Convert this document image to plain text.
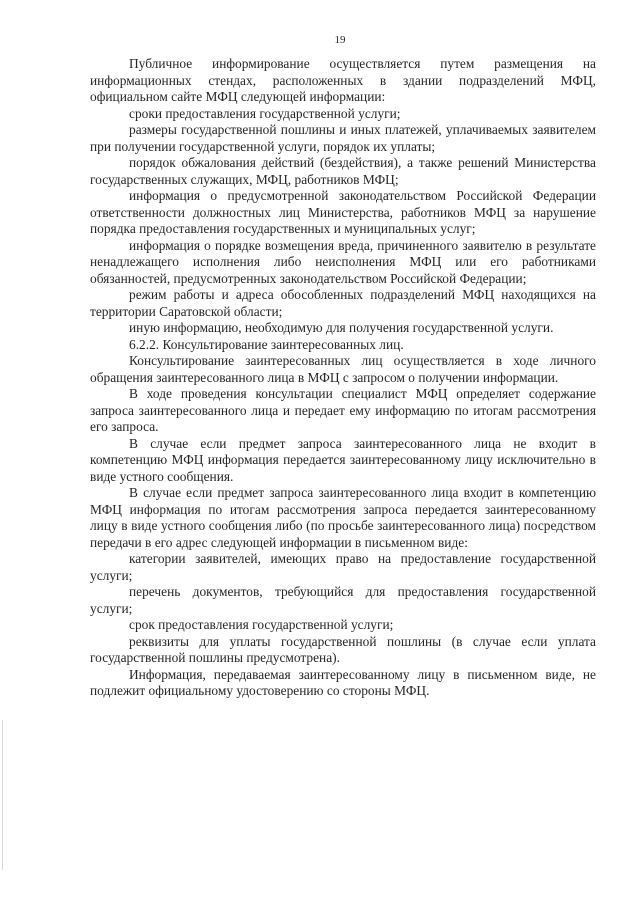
19

Публичное информирование осуществляется путем размещения на информационных стендах, расположенных в здании подразделений МФЦ, официальном сайте МФЦ следующей информации:

сроки предоставления государственной услуги;

размеры государственной пошлины и иных платежей, уплачиваемых заявителем при получении государственной услуги, порядок их уплаты;

порядок обжалования действий (бездействия), а также решений Министерства государственных служащих, МФЦ, работников МФЦ;

информация о предусмотренной законодательством Российской Федерации ответственности должностных лиц Министерства, работников МФЦ за нарушение порядка предоставления государственных и муниципальных услуг;

информация о порядке возмещения вреда, причиненного заявителю в результате ненадлежащего исполнения либо неисполнения МФЦ или его работниками обязанностей, предусмотренных законодательством Российской Федерации;

режим работы и адреса обособленных подразделений МФЦ находящихся на территории Саратовской области;

иную информацию, необходимую для получения государственной услуги.

6.2.2. Консультирование заинтересованных лиц.

Консультирование заинтересованных лиц осуществляется в ходе личного обращения заинтересованного лица в МФЦ с запросом о получении информации.

В ходе проведения консультации специалист МФЦ определяет содержание запроса заинтересованного лица и передает ему информацию по итогам рассмотрения его запроса.

В случае если предмет запроса заинтересованного лица не входит в компетенцию МФЦ информация передается заинтересованному лицу исключительно в виде устного сообщения.

В случае если предмет запроса заинтересованного лица входит в компетенцию МФЦ информация по итогам рассмотрения запроса передается заинтересованному лицу в виде устного сообщения либо (по просьбе заинтересованного лица) посредством передачи в его адрес следующей информации в письменном виде:

категории заявителей, имеющих право на предоставление государственной услуги;

перечень документов, требующийся для предоставления государственной услуги;

срок предоставления государственной услуги;

реквизиты для уплаты государственной пошлины (в случае если уплата государственной пошлины предусмотрена).

Информация, передаваемая заинтересованному лицу в письменном виде, не подлежит официальному удостоверению со стороны МФЦ.
